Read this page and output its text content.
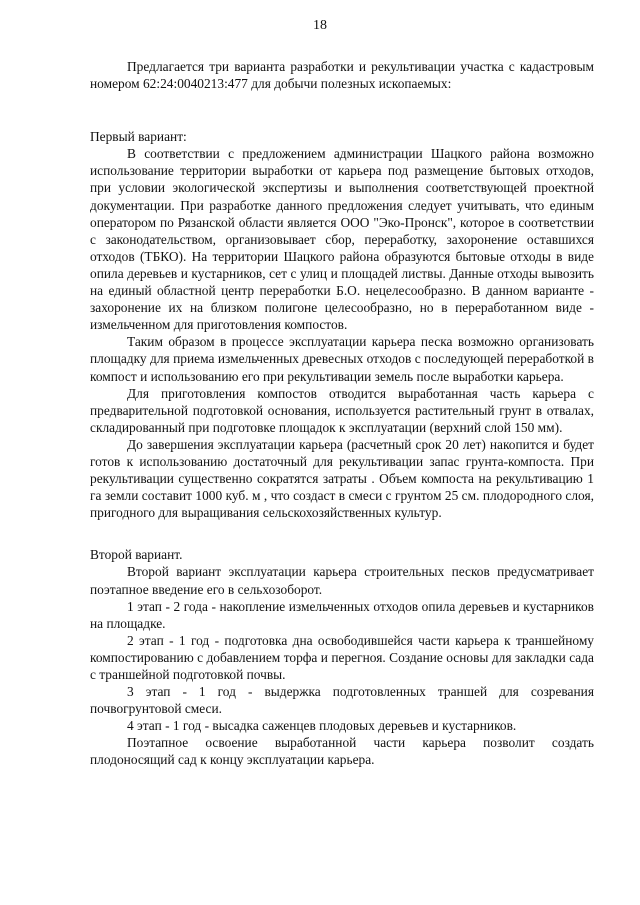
18

Предлагается три варианта разработки и рекультивации участка с кадастровым номером 62:24:0040213:477 для добычи полезных ископаемых:

Первый вариант:

В соответствии с предложением администрации Шацкого района возможно использование территории выработки от карьера под размещение бытовых отходов, при условии экологической экспертизы и выполнения соответствующей проектной документации. При разработке данного предложения следует учитывать, что единым оператором по Рязанской области является ООО "Эко-Пронск", которое в соответствии с законодательством, организовывает сбор, переработку, захоронение оставшихся отходов (ТБКО). На территории Шацкого района образуются бытовые отходы в виде опила деревьев и кустарников, сет с улиц и площадей листвы. Данные отходы вывозить на единый областной центр переработки Б.О. нецелесообразно. В данном варианте - захоронение их на близком полигоне целесообразно, но в переработанном виде - измельченном для приготовления компостов.

Таким образом в процессе эксплуатации карьера песка возможно организовать площадку для приема измельченных древесных отходов с последующей переработкой в компост и использованию его при рекультивации земель после выработки карьера.

Для приготовления компостов отводится выработанная часть карьера с предварительной подготовкой основания, используется растительный грунт в отвалах, складированный при подготовке площадок к эксплуатации (верхний слой 150 мм).

До завершения эксплуатации карьера (расчетный срок 20 лет) накопится и будет готов к использованию достаточный для рекультивации запас грунта-компоста. При рекультивации существенно сократятся затраты . Объем компоста на рекультивацию 1 га земли составит 1000 куб. м , что создаст в смеси с грунтом 25 см. плодородного слоя, пригодного для выращивания сельскохозяйственных культур.

Второй вариант.

Второй вариант эксплуатации карьера строительных песков предусматривает поэтапное введение его в сельхозоборот.

1 этап - 2 года - накопление измельченных отходов опила деревьев и кустарников на площадке.

2 этап - 1 год - подготовка дна освободившейся части карьера к траншейному компостированию с добавлением торфа и перегноя. Создание основы для закладки сада с траншейной подготовкой почвы.

3 этап - 1 год - выдержка подготовленных траншей для созревания почвогрунтовой смеси.

4 этап - 1 год - высадка саженцев плодовых деревьев и кустарников.

Поэтапное освоение выработанной части карьера позволит создать плодоносящий сад к концу эксплуатации карьера.
